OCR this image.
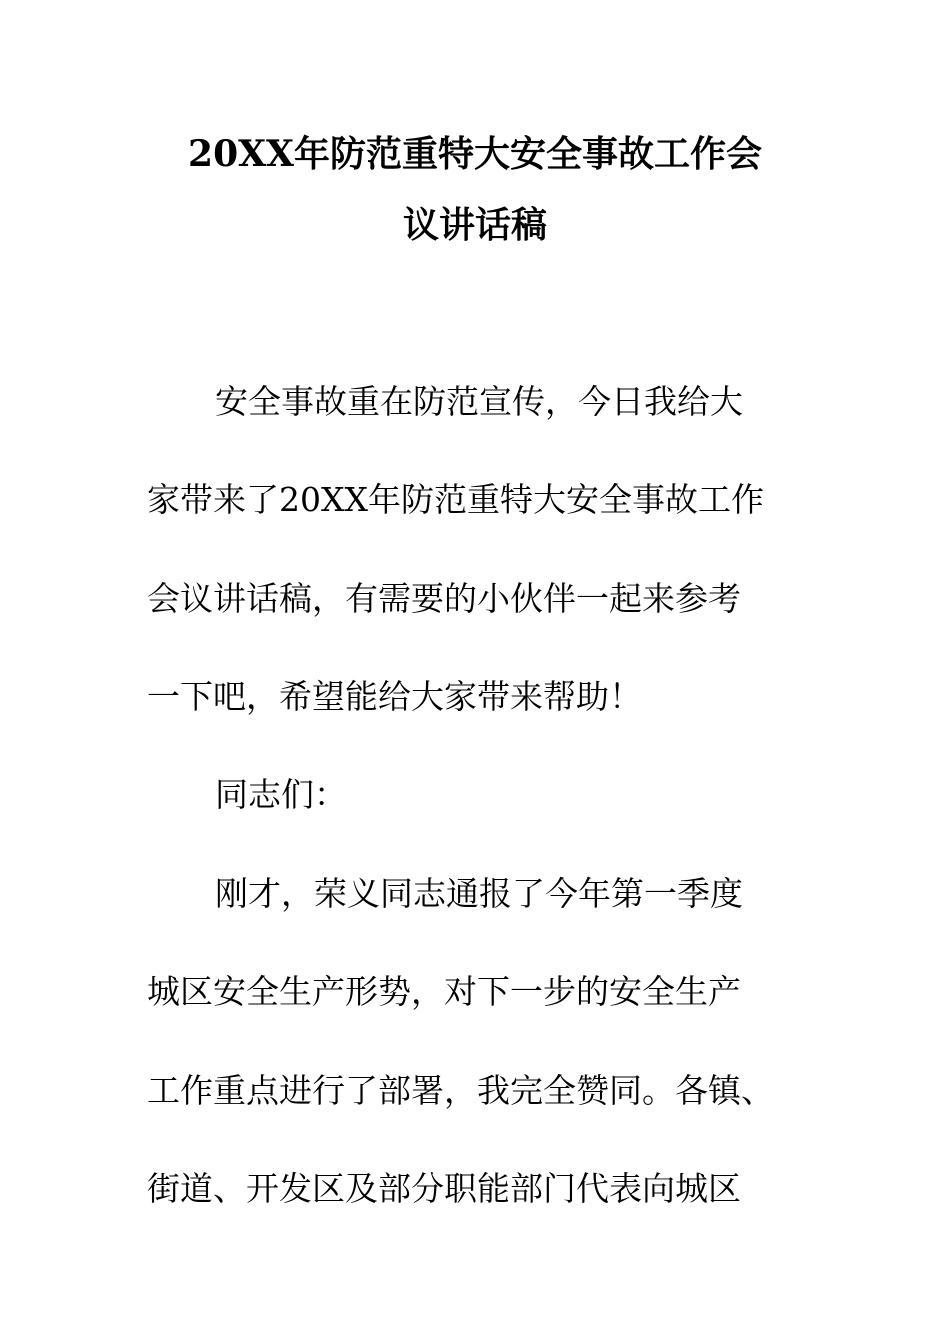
20XX年防范重特大安全事故工作会
议讲话稿
安全事故重在防范宣传，今日我给大
家带来了20XX年防范重特大安全事故工作
会议讲话稿，有需要的小伙伴一起来参考
一下吧，希望能给大家带来帮助！
同志们：
刚才，荣义同志通报了今年第一季度
城区安全生产形势，对下一步的安全生产
工作重点进行了部署，我完全赞同。各镇、
街道、开发区及部分职能部门代表向城区
